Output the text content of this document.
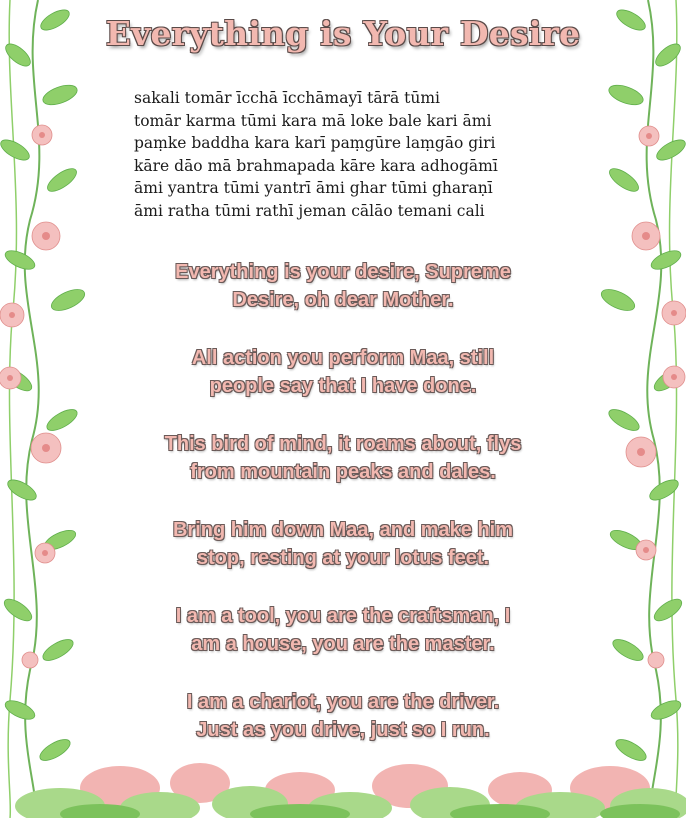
Everything is Your Desire
sakali tomār īcchā īcchāmayī tārā tūmi
tomār karma tūmi kara mā loke bale kari āmi
paṃke baddha kara karī paṃgūre laṃgāo giri
kāre dāo mā brahmapada kāre kara adhogāmī
āmi yantra tūmi yantrī āmi ghar tūmi gharaṇī
āmi ratha tūmi rathī jeman cālāo temani cali
Everything is your desire, Supreme
Desire, oh dear Mother.
All action you perform Maa, still
people say that I have done.
This bird of mind, it roams about, flys
from mountain peaks and dales.
Bring him down Maa, and make him
stop, resting at your lotus feet.
I am a tool, you are the craftsman, I
am a house, you are the master.
I am a chariot, you are the driver.
Just as you drive, just so I run.
